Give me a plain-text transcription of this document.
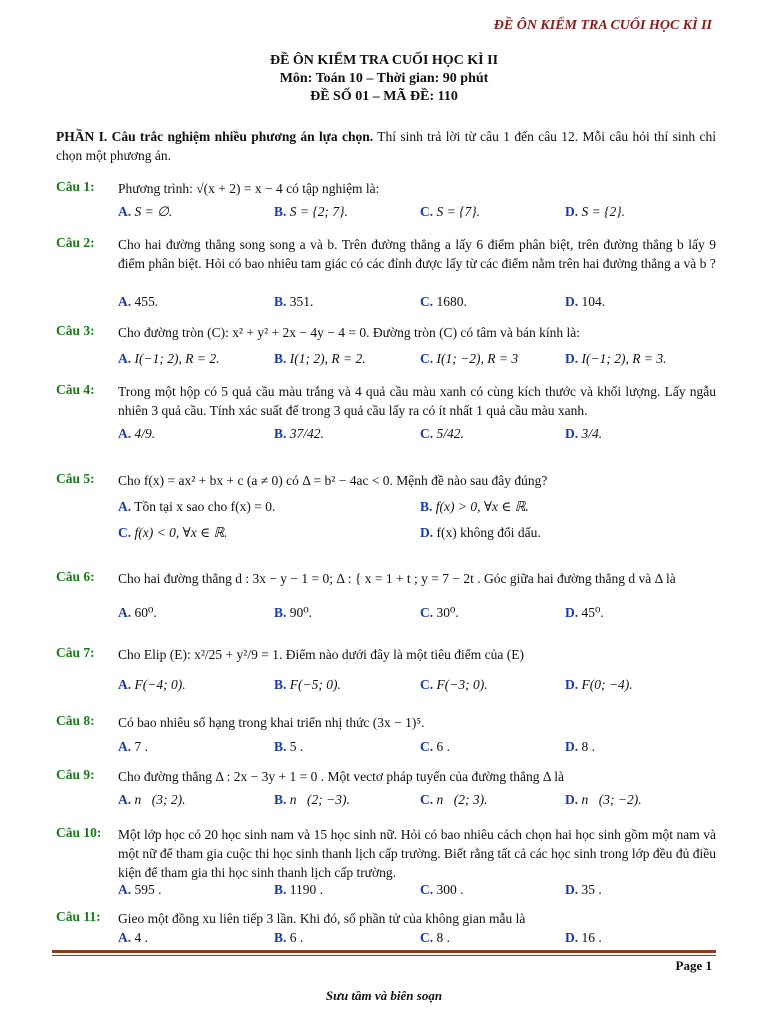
ĐỀ ÔN KIỂM TRA CUỐI HỌC KÌ II
ĐỀ ÔN KIỂM TRA CUỐI HỌC KÌ II
Môn: Toán 10 – Thời gian: 90 phút
ĐỀ SỐ 01 – MÃ ĐỀ: 110
PHẦN I. Câu trắc nghiệm nhiều phương án lựa chọn. Thí sinh trả lời từ câu 1 đến câu 12. Mỗi câu hỏi thí sinh chỉ chọn một phương án.
Câu 1: Phương trình: √(x + 2) = x − 4 có tập nghiệm là:
A. S = ∅.	B. S = {2; 7}.	C. S = {7}.	D. S = {2}.
Câu 2: Cho hai đường thẳng song song a và b. Trên đường thẳng a lấy 6 điểm phân biệt, trên đường thẳng b lấy 9 điểm phân biệt. Hỏi có bao nhiêu tam giác có các đỉnh được lấy từ các điểm nằm trên hai đường thẳng a và b ?
A. 455.	B. 351.	C. 1680.	D. 104.
Câu 3: Cho đường tròn (C): x² + y² + 2x − 4y − 4 = 0. Đường tròn (C) có tâm và bán kính là:
A. I(−1; 2), R = 2.	B. I(1; 2), R = 2.	C. I(1; −2), R = 3	D. I(−1; 2), R = 3.
Câu 4: Trong một hộp có 5 quả cầu màu trắng và 4 quả cầu màu xanh có cùng kích thước và khối lượng. Lấy ngẫu nhiên 3 quả cầu. Tính xác suất để trong 3 quả cầu lấy ra có ít nhất 1 quả cầu màu xanh.
A. 4/9.	B. 37/42.	C. 5/42.	D. 3/4.
Câu 5: Cho f(x) = ax² + bx + c (a ≠ 0) có Δ = b² − 4ac < 0. Mệnh đề nào sau đây đúng?
A. Tồn tại x sao cho f(x) = 0.	B. f(x) > 0, ∀x ∈ ℝ.
C. f(x) < 0, ∀x ∈ ℝ.	D. f(x) không đổi dấu.
Câu 6: Cho hai đường thẳng d : 3x − y − 1 = 0; Δ : { x = 1 + t ; y = 7 − 2t . Góc giữa hai đường thẳng d và Δ là
A. 60⁰.	B. 90⁰.	C. 30⁰.	D. 45⁰.
Câu 7: Cho Elip (E): x²/25 + y²/9 = 1. Điểm nào dưới đây là một tiêu điểm của (E)
A. F(−4; 0).	B. F(−5; 0).	C. F(−3; 0).	D. F(0; −4).
Câu 8: Có bao nhiêu số hạng trong khai triển nhị thức (3x − 1)⁵.
A. 7 .	B. 5 .	C. 6 .	D. 8 .
Câu 9: Cho đường thẳng Δ : 2x − 3y + 1 = 0 . Một vectơ pháp tuyến của đường thẳng Δ là
A. n⃗(3; 2).	B. n⃗(2; −3).	C. n⃗(2; 3).	D. n⃗(3; −2).
Câu 10: Một lớp học có 20 học sinh nam và 15 học sinh nữ. Hỏi có bao nhiêu cách chọn hai học sinh gồm một nam và một nữ để tham gia cuộc thi học sinh thanh lịch cấp trường. Biết rằng tất cả các học sinh trong lớp đều đủ điều kiện để tham gia thi học sinh thanh lịch cấp trường.
A. 595 .	B. 1190 .	C. 300 .	D. 35 .
Câu 11: Gieo một đồng xu liên tiếp 3 lần. Khi đó, số phần tử của không gian mẫu là
A. 4 .	B. 6 .	C. 8 .	D. 16 .
Page 1
Sưu tầm và biên soạn
